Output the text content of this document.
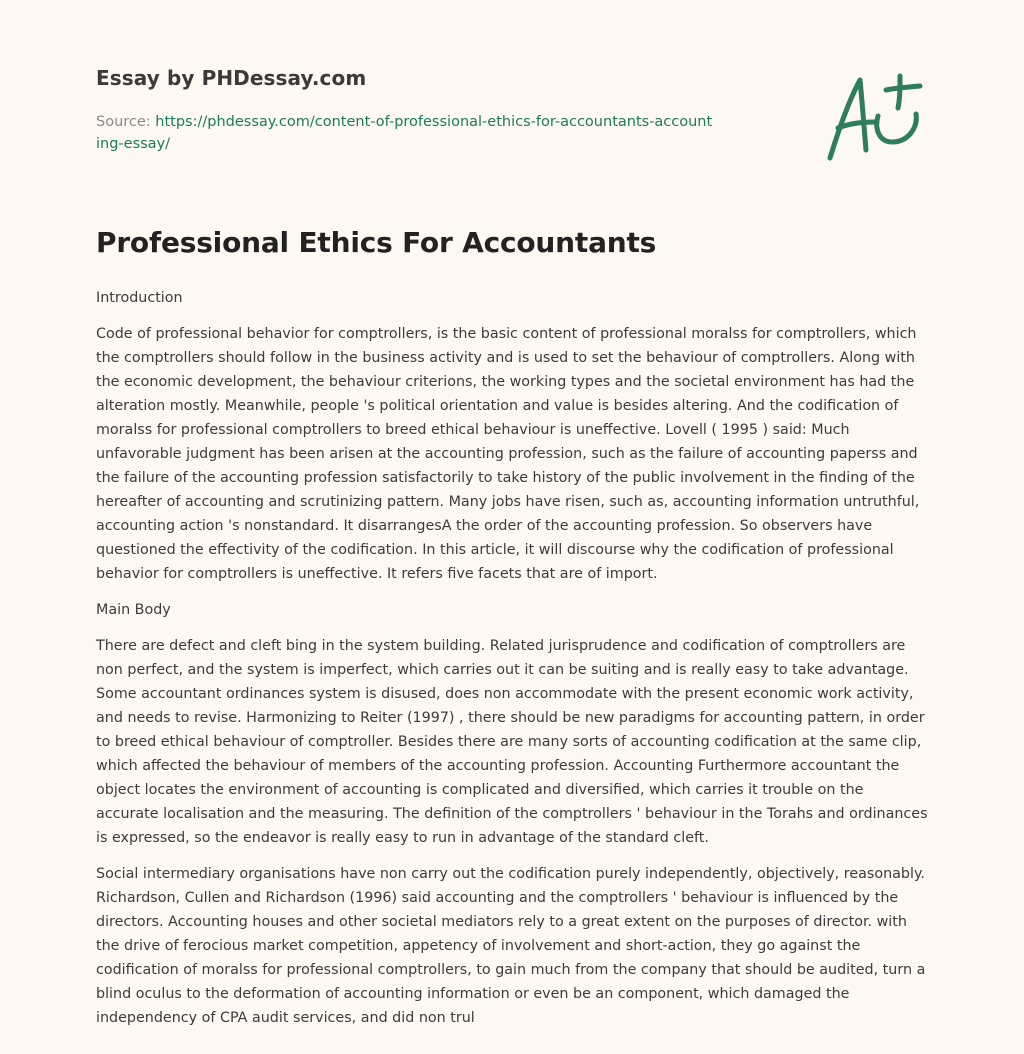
Essay by PHDessay.com
Source: https://phdessay.com/content-of-professional-ethics-for-accountants-accounting-essay/
Professional Ethics For Accountants

Introduction

Code of professional behavior for comptrollers, is the basic content of professional moralss for comptrollers, which the comptrollers should follow in the business activity and is used to set the behaviour of comptrollers. Along with the economic development, the behaviour criterions, the working types and the societal environment has had the alteration mostly. Meanwhile, people 's political orientation and value is besides altering. And the codification of moralss for professional comptrollers to breed ethical behaviour is uneffective. Lovell ( 1995 ) said: Much unfavorable judgment has been arisen at the accounting profession, such as the failure of accounting paperss and the failure of the accounting profession satisfactorily to take history of the public involvement in the finding of the hereafter of accounting and scrutinizing pattern. Many jobs have risen, such as, accounting information untruthful, accounting action 's nonstandard. It disarrangesA the order of the accounting profession. So observers have questioned the effectivity of the codification. In this article, it will discourse why the codification of professional behavior for comptrollers is uneffective. It refers five facets that are of import.

Main Body

There are defect and cleft bing in the system building. Related jurisprudence and codification of comptrollers are non perfect, and the system is imperfect, which carries out it can be suiting and is really easy to take advantage. Some accountant ordinances system is disused, does non accommodate with the present economic work activity, and needs to revise. Harmonizing to Reiter (1997) , there should be new paradigms for accounting pattern, in order to breed ethical behaviour of comptroller. Besides there are many sorts of accounting codification at the same clip, which affected the behaviour of members of the accounting profession. Accounting Furthermore accountant the object locates the environment of accounting is complicated and diversified, which carries it trouble on the accurate localisation and the measuring. The definition of the comptrollers ' behaviour in the Torahs and ordinances is expressed, so the endeavor is really easy to run in advantage of the standard cleft.

Social intermediary organisations have non carry out the codification purely independently, objectively, reasonably. Richardson, Cullen and Richardson (1996) said accounting and the comptrollers ' behaviour is influenced by the directors. Accounting houses and other societal mediators rely to a great extent on the purposes of director. with the drive of ferocious market competition, appetency of involvement and short-action, they go against the codification of moralss for professional comptrollers, to gain much from the company that should be audited, turn a blind oculus to the deformation of accounting information or even be an component, which damaged the independency of CPA audit services, and did non trul
